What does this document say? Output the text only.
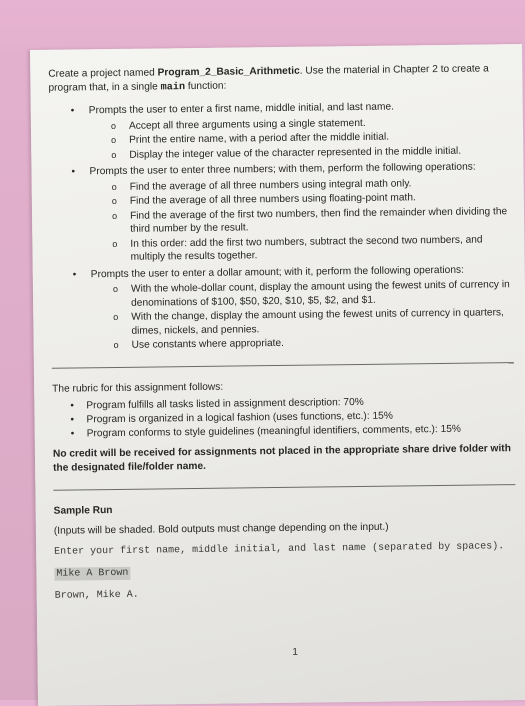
Create a project named Program_2_Basic_Arithmetic. Use the material in Chapter 2 to create a program that, in a single main function:

• Prompts the user to enter a first name, middle initial, and last name.
o Accept all three arguments using a single statement.
o Print the entire name, with a period after the middle initial.
o Display the integer value of the character represented in the middle initial.
• Prompts the user to enter three numbers; with them, perform the following operations:
o Find the average of all three numbers using integral math only.
o Find the average of all three numbers using floating-point math.
o Find the average of the first two numbers, then find the remainder when dividing the third number by the result.
o In this order: add the first two numbers, subtract the second two numbers, and multiply the results together.
• Prompts the user to enter a dollar amount; with it, perform the following operations:
o With the whole-dollar count, display the amount using the fewest units of currency in denominations of $100, $50, $20, $10, $5, $2, and $1.
o With the change, display the amount using the fewest units of currency in quarters, dimes, nickels, and pennies.
o Use constants where appropriate.
The rubric for this assignment follows:
• Program fulfills all tasks listed in assignment description: 70%
• Program is organized in a logical fashion (uses functions, etc.): 15%
• Program conforms to style guidelines (meaningful identifiers, comments, etc.): 15%
No credit will be received for assignments not placed in the appropriate share drive folder with the designated file/folder name.
Sample Run
(Inputs will be shaded. Bold outputs must change depending on the input.)
Enter your first name, middle initial, and last name (separated by spaces).
Mike A Brown
Brown, Mike A.
1
